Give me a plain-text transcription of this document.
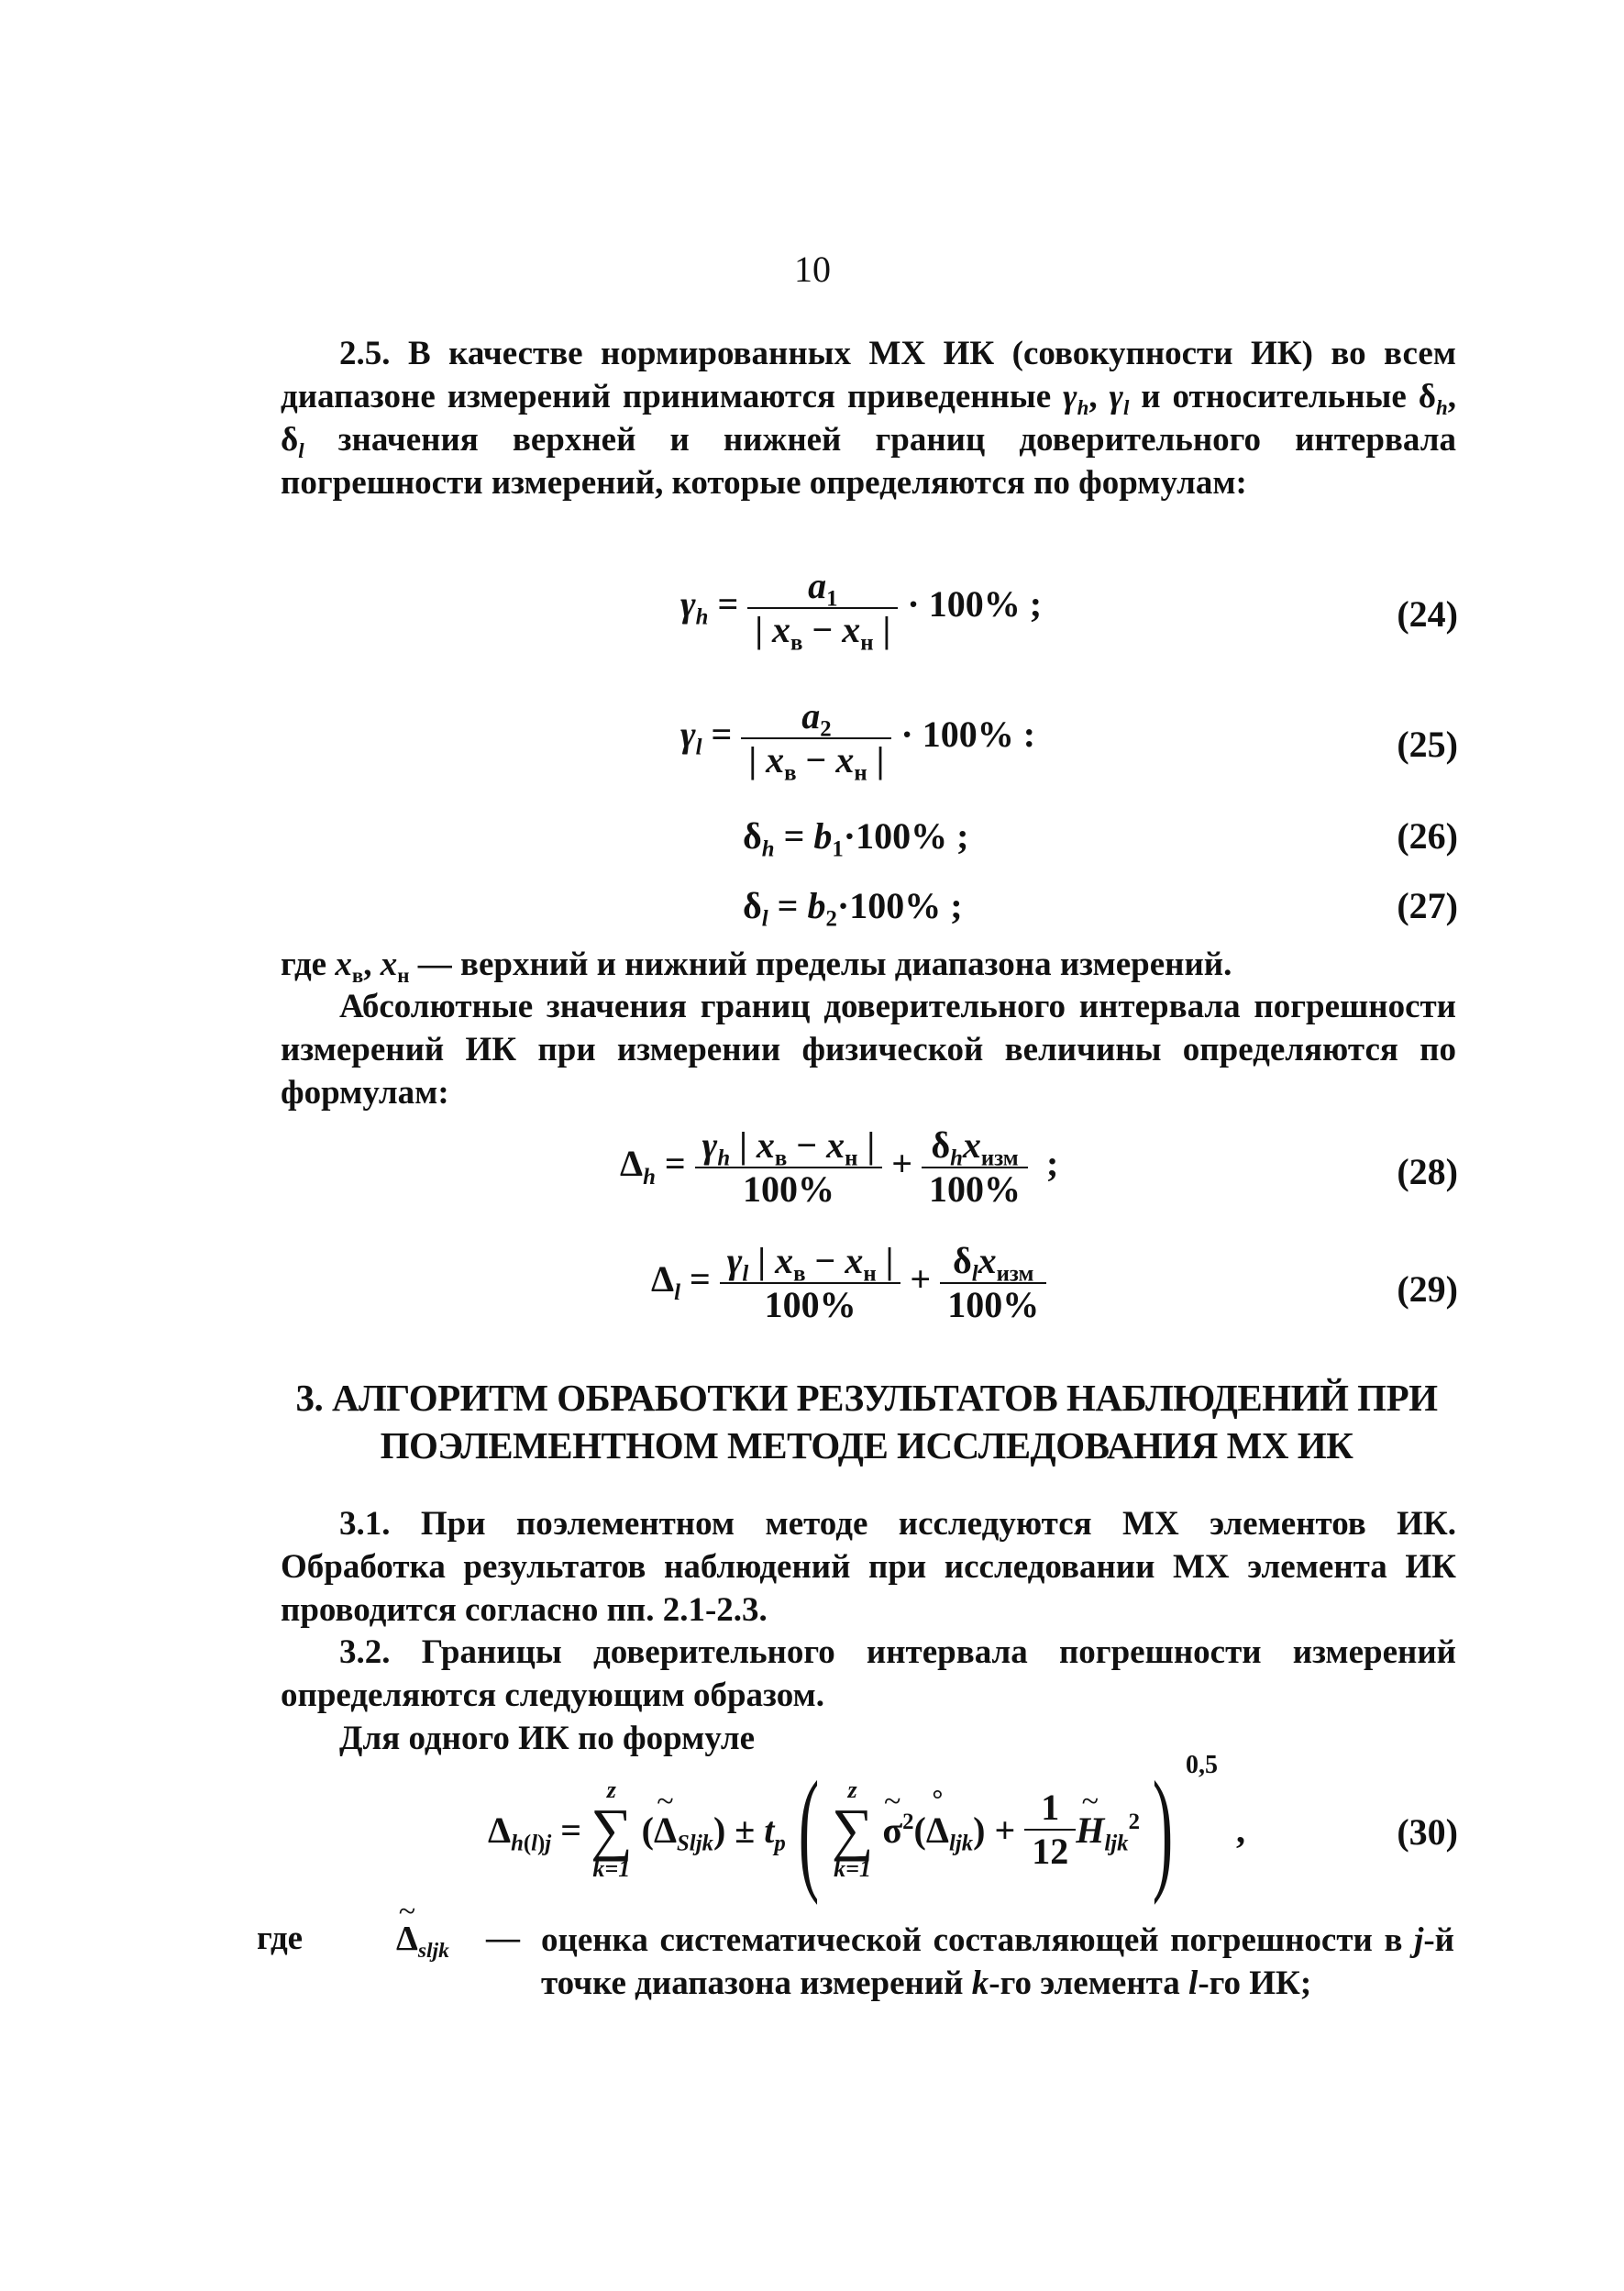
10
2.5. В качестве нормированных МХ ИК (совокупности ИК) во всем диапазоне измерений принимаются приведенные $\gamma_h$, $\gamma_l$ и относительные $\delta_h$, $\delta_l$ значения верхней и нижней границ доверительного интервала погрешности измерений, которые определяются по формулам:
$\gamma_h = \frac{a_1}{| x_в - x_н |} \cdot 100\%$ ;	(24)
$\gamma_l = \frac{a_2}{| x_в - x_н |} \cdot 100\%$ :	(25)
$\delta_h = b_1\cdot 100\%$ ;	(26)
$\delta_l = b_2\cdot 100\%$ ;	(27)
где $x_в$, $x_н$ — верхний и нижний пределы диапазона измерений.
Абсолютные значения границ доверительного интервала погрешности измерений ИК при измерении физической величины определяются по формулам:
$\Delta_h = \frac{\gamma_h | x_в - x_н |}{100\%} + \frac{\delta_hx_{изм}}{100\%}$ ;	(28)
$\Delta_l = \frac{\gamma_l | x_в - x_н |}{100\%} + \frac{\delta_lx_{изм}}{100\%}$	(29)
3. АЛГОРИТМ ОБРАБОТКИ РЕЗУЛЬТАТОВ НАБЛЮДЕНИЙ ПРИ ПОЭЛЕМЕНТНОМ МЕТОДЕ ИССЛЕДОВАНИЯ МХ ИК
3.1. При поэлементном методе исследуются МХ элементов ИК. Обработка результатов наблюдений при исследовании МХ элемента ИК проводится согласно пп. 2.1-2.3.
3.2. Границы доверительного интервала погрешности измерений определяются следующим образом.
Для одного ИК по формуле
$\Delta_{h(l)j}$ =
z
∑
k=1
(~ $\Delta_{Sljk}) \pm t_p$ (	z
∑
k=1
~ $\sigma^2(^\circ$ $\Delta_{ljk}) + \frac{1}{12}$ ~ $H_{ljk}^2$ ) 0,5
,	(30)
где	~ $\Delta_{sljk}$ — оценка систематической составляющей погрешности в j-й точке диапазона измерений k-го элемента l-го ИК;
